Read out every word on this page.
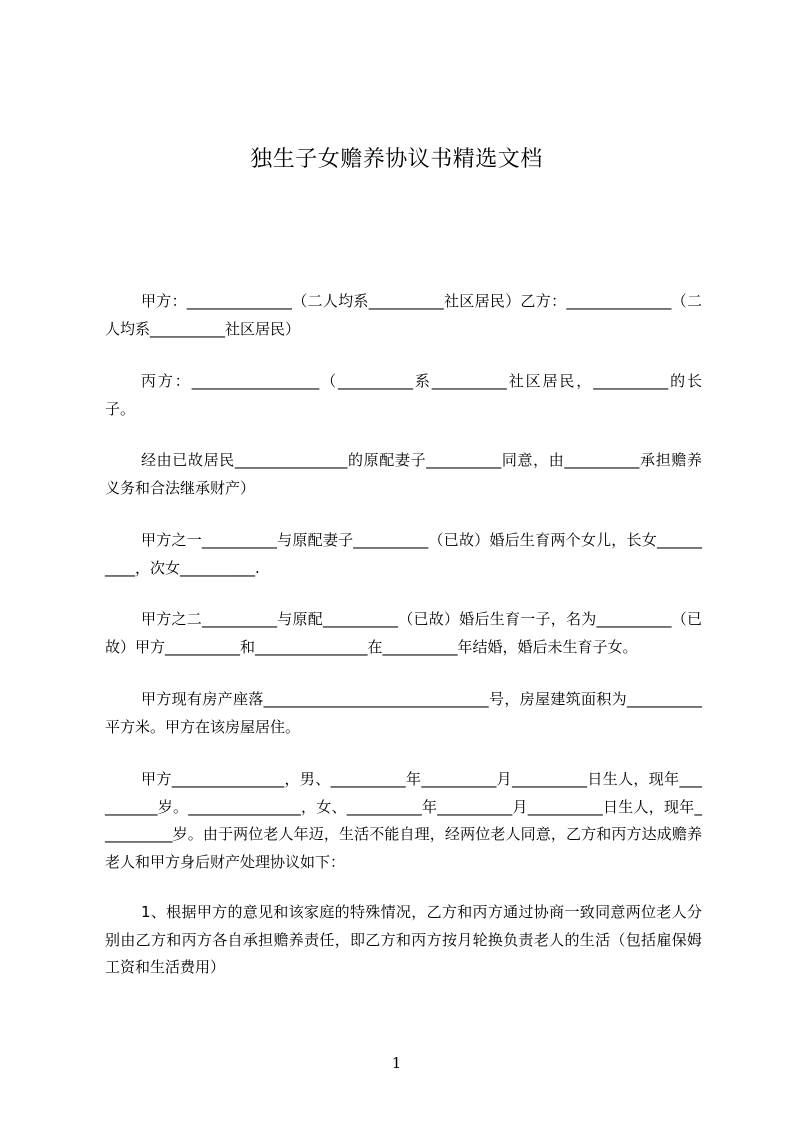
独生子女赡养协议书精选文档

甲方：______________（二人均系__________社区居民）乙方：______________（二人均系__________社区居民）

丙方：_________________（__________系__________社区居民，__________的长子。

经由已故居民_______________的原配妻子__________同意，由__________承担赡养义务和合法继承财产）

甲方之一__________与原配妻子__________（已故）婚后生育两个女儿，长女__________，次女__________.

甲方之二__________与原配__________（已故）婚后生育一子，名为__________（已故）甲方__________和_______________在__________年结婚，婚后未生育子女。

甲方现有房产座落______________________________号，房屋建筑面积为__________平方米。甲方在该房屋居住。

甲方_______________，男、__________年__________月__________日生人，现年__________岁。_______________，女、__________年__________月__________日生人，现年__________岁。由于两位老人年迈，生活不能自理，经两位老人同意，乙方和丙方达成赡养老人和甲方身后财产处理协议如下：

1、根据甲方的意见和该家庭的特殊情况，乙方和丙方通过协商一致同意两位老人分别由乙方和丙方各自承担赡养责任，即乙方和丙方按月轮换负责老人的生活（包括雇保姆工资和生活费用）

1
